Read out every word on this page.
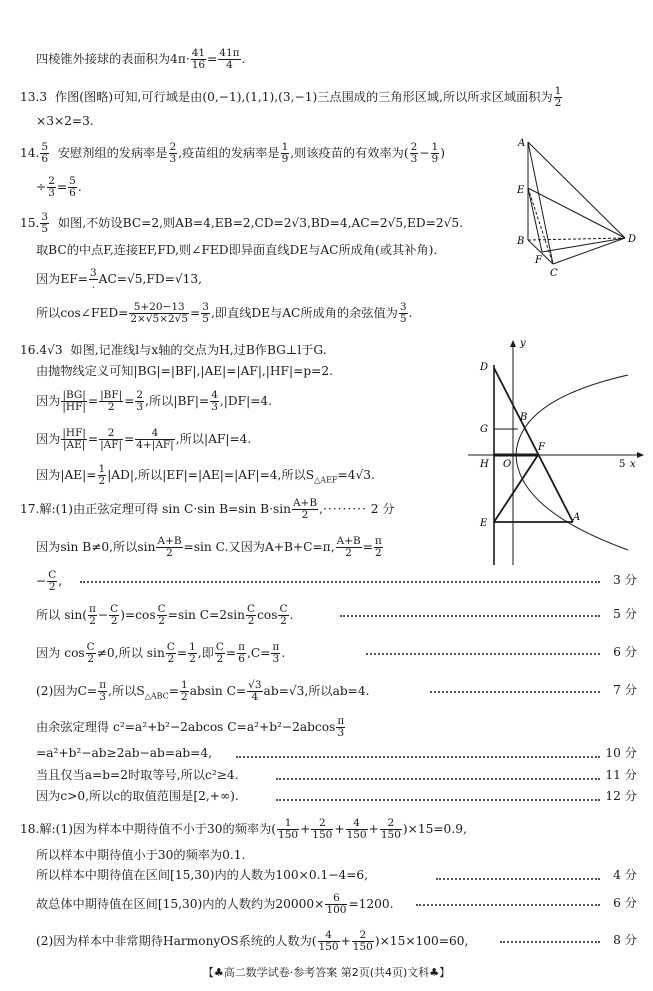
四棱锥外接球的表面积为$4\pi\cdot \frac{41}{16} = \frac{41\pi}{4}$ .
13.3 作图(图略)可知,可行域是由(0,−1),(1,1),(3,−1)三点围成的三角形区域,所以所求区域面积为 $\frac{1}{2}$
×3×2=3.
14. $\frac{5}{6}$ 安慰剂组的发病率是 $\frac{2}{3}$ ,疫苗组的发病率是 $\frac{1}{9}$ ,则该疫苗的有效率为( $\frac{2}{3} - \frac{1}{9}$ )
÷ $\frac{2}{3} = \frac{5}{6}$ .
15. $\frac{3}{5}$ 如图,不妨设BC=2,则AB=4,EB=2,CD=2√3,BD=4,AC=2√5,ED=2√5.
取BC的中点F,连接EF,FD,则∠FED即异面直线DE与AC所成角(或其补角).
因为EF= 3
. AC=√5,FD=√13,
所以cos∠FED= $\frac{5+20-13}{2\times√5\times 2√5} = \frac{3}{5}$ ,即直线DE与AC所成角的余弦值为 $\frac{3}{5}$ .
A
E
B
F
C
D
16.4√3 如图,记准线l与x轴的交点为H,过B作BG⊥l于G.
由抛物线定义可知|BG|=|BF|,|AE|=|AF|,|HF|=p=2.
因为 $\frac{|BG|}{|HF|} = \frac{|BF|}{2} = \frac{2}{3}$ ,所以$|BF|= \frac{4}{3} ,|DF|=4$.
因为 $\frac{|HF|}{|AE|} = \frac{2}{|AF|} = \frac{4}{4+|AF|}$ ,所以|AF|=4.
因为$|AE|= \frac{1}{2} |AD|$,所以|EF|=|AE|=|AF|=4,所以$S_{\triangle AEF}=4√3$.
D
y
G
B
H O
F
5 x
E
A
17.解:(1)由正弦定理可得 sin C·sin B=sin $B\cdot\sin \frac{A+B}{2}$ ,········· 2 分
因为sin B≠0,所以$\sin \frac{A+B}{2} =\sin$ C.又因为A+B+C=π, $\frac{A+B}{2} = \frac{\pi}{2}$
− $\frac{C}{2}$ ,	3 分
所以 $\sin( \frac{\pi}{2} - \frac{C}{2} )=\cos \frac{C}{2} =\sin$ $C=2\sin \frac{C}{2}$ $\cos \frac{C}{2}$ .	5 分
因为 $\cos \frac{C}{2} \ne 0$,所以 $\sin \frac{C}{2} = \frac{1}{2}$ ,即 $\frac{C}{2} = \frac{\pi}{6} ,C= \frac{\pi}{3}$ .	6 分
(2)因为$C= \frac{\pi}{3}$ ,所以$S_{\triangle ABC}= \frac{1}{2}$ absin $C= \frac{√3}{4} ab=√3$,所以ab=4.	7 分
由余弦定理得 c²=a²+b²−2abcos $C=a^2+b^2-2abcos \frac{\pi}{3}$
=a²+b²−ab≥2ab−ab=ab=4,	10 分
当且仅当a=b=2时取等号,所以c²≥4.	11 分
因为c>0,所以c的取值范围是[2,+∞).	12 分
18.解:(1)因为样本中期待值不小于30的频率为( $\frac{1}{150} + \frac{2}{150} + \frac{4}{150} + \frac{2}{150} )\times 15=0.9$,
所以样本中期待值小于30的频率为0.1.
所以样本中期待值在区间[15,30)内的人数为100×0.1−4=6,	4 分
故总体中期待值在区间[15,30)内的人数约为$20000\times \frac{6}{100} =1200$.	6 分
(2)因为样本中非常期待HarmonyOS系统的人数为( $\frac{4}{150} + \frac{2}{150} )\times 15\times 100=60$,	8 分
【♣高二数学试卷·参考答案 第2页(共4页)文科♣】
